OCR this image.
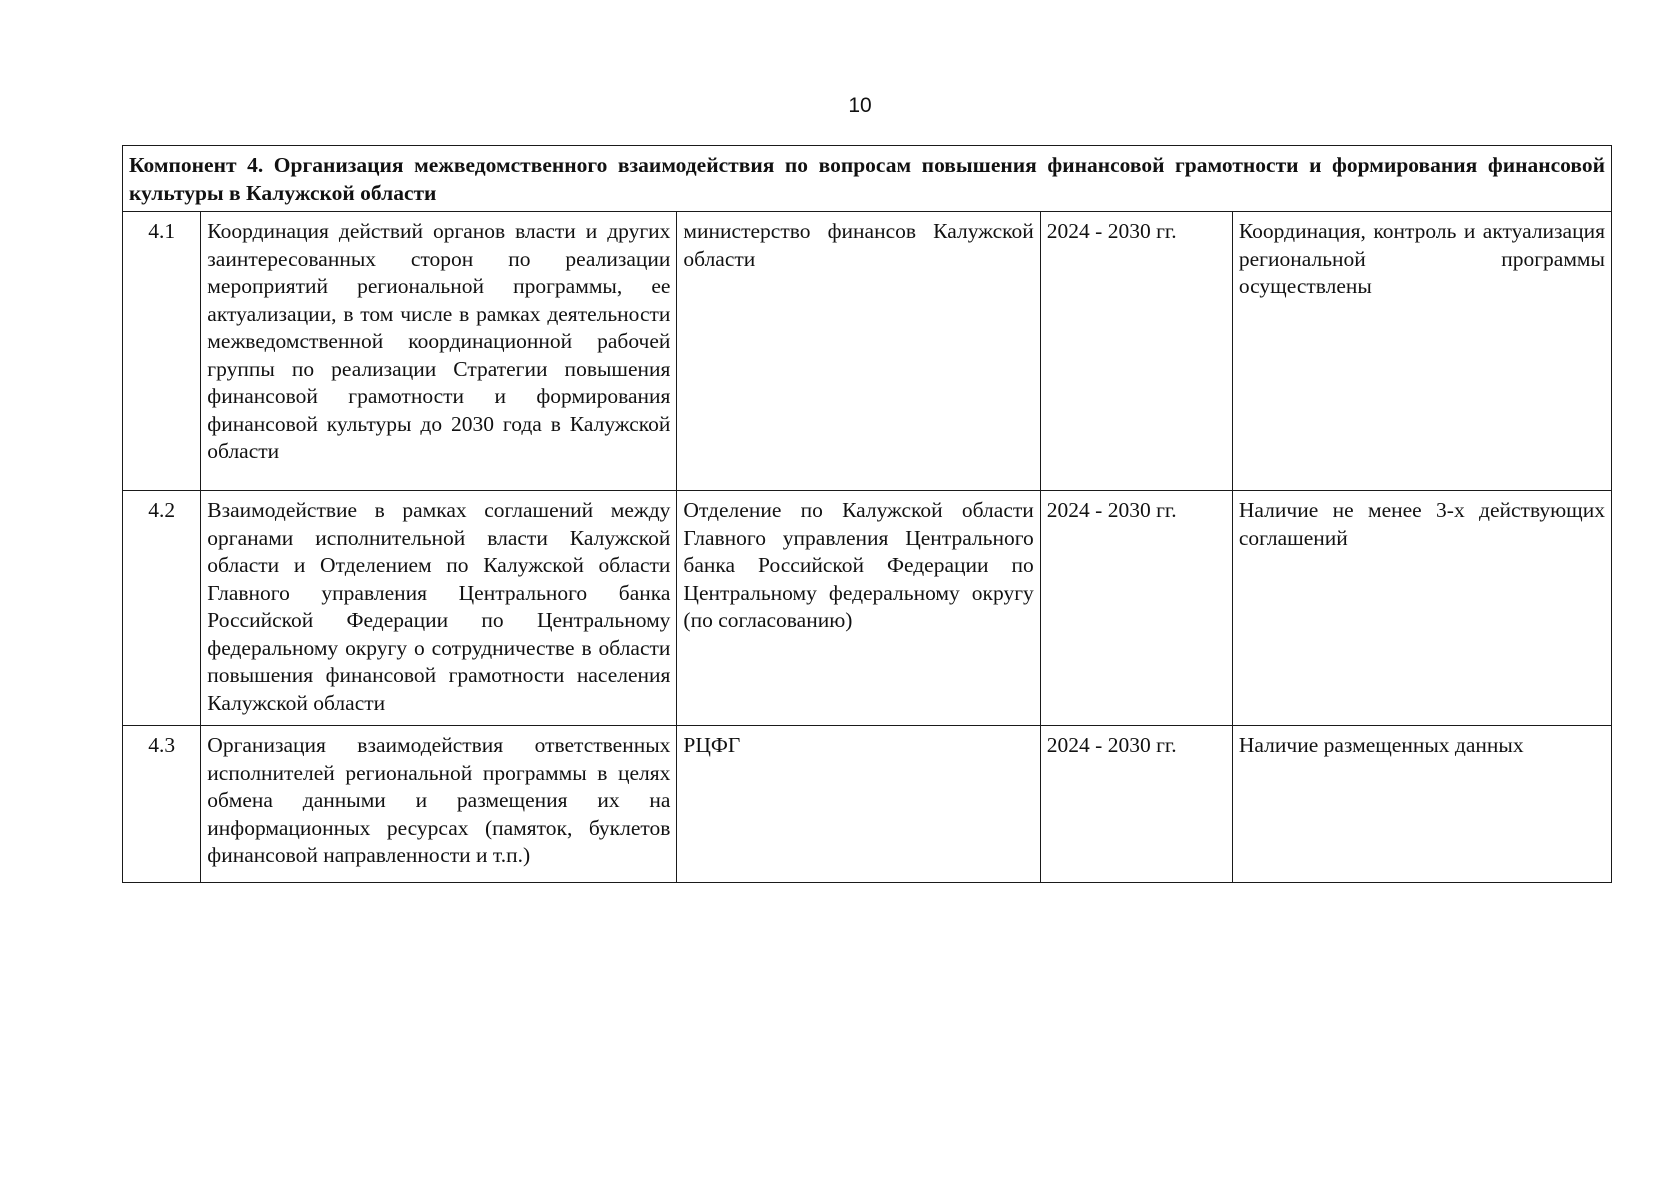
10
Компонент 4. Организация межведомственного взаимодействия по вопросам повышения финансовой грамотности и формирования финансовой культуры в Калужской области				
4.1	Координация действий органов власти и других заинтересованных сторон по реализации мероприятий региональной программы, ее актуализации, в том числе в рамках деятельности межведомственной координационной рабочей группы по реализации Стратегии повышения финансовой грамотности и формирования финансовой культуры до 2030 года в Калужской области	министерство финансов Калужской области	2024 - 2030 гг.	Координация, контроль и актуализация региональной программы осуществлены
4.2	Взаимодействие в рамках соглашений между органами исполнительной власти Калужской области и Отделением по Калужской области Главного управления Центрального банка Российской Федерации по Центральному федеральному округу о сотрудничестве в области повышения финансовой грамотности населения Калужской области	Отделение по Калужской области Главного управления Центрального банка Российской Федерации по Центральному федеральному округу (по согласованию)	2024 - 2030 гг.	Наличие не менее 3-х действующих соглашений
4.3	Организация взаимодействия ответственных исполнителей региональной программы в целях обмена данными и размещения их на информационных ресурсах (памяток, буклетов финансовой направленности и т.п.)	РЦФГ	2024 - 2030 гг.	Наличие размещенных данных
